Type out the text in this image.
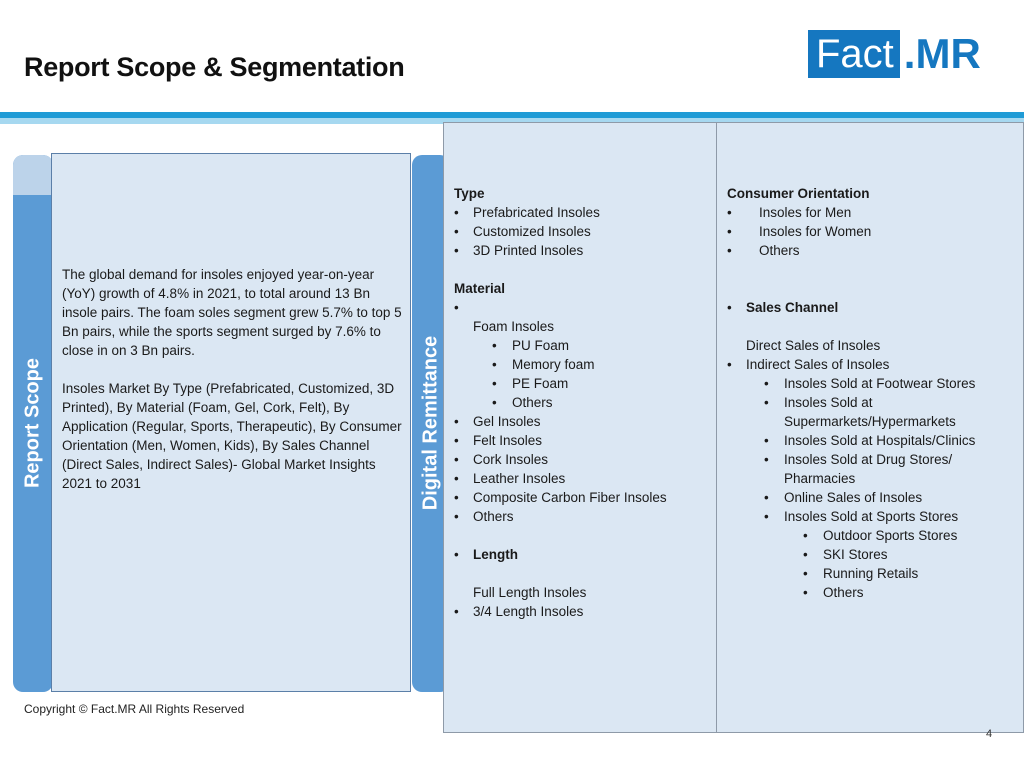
Report Scope & Segmentation	Fact .MR
Report Scope

The global demand for insoles enjoyed year-on-year (YoY) growth of 4.8% in 2021, to total around 13 Bn insole pairs. The foam soles segment grew 5.7% to top 5 Bn pairs, while the sports segment surged by 7.6% to close in on 3 Bn pairs.

Insoles Market By Type (Prefabricated, Customized, 3D Printed), By Material (Foam, Gel, Cork, Felt), By Application (Regular, Sports, Therapeutic), By Consumer Orientation (Men, Women, Kids), By Sales Channel (Direct Sales, Indirect Sales)- Global Market Insights 2021 to 2031	Digital Remittance
Type
• Prefabricated Insoles
• Customized Insoles
• 3D Printed Insoles
Material
•
Foam Insoles
• PU Foam
• Memory foam
• PE Foam
• Others
• Gel Insoles
• Felt Insoles
• Cork Insoles
• Leather Insoles
• Composite Carbon Fiber Insoles
• Others
• Length
Full Length Insoles
• 3/4 Length Insoles
Consumer Orientation
• Insoles for Men
• Insoles for Women
• Others
• Sales Channel
Direct Sales of Insoles
• Indirect Sales of Insoles
• Insoles Sold at Footwear Stores
• Insoles Sold at
Supermarkets/Hypermarkets
• Insoles Sold at Hospitals/Clinics
• Insoles Sold at Drug Stores/
Pharmacies
• Online Sales of Insoles
• Insoles Sold at Sports Stores
• Outdoor Sports Stores
• SKI Stores
• Running Retails
• Others
Copyright © Fact.MR All Rights Reserved
4
